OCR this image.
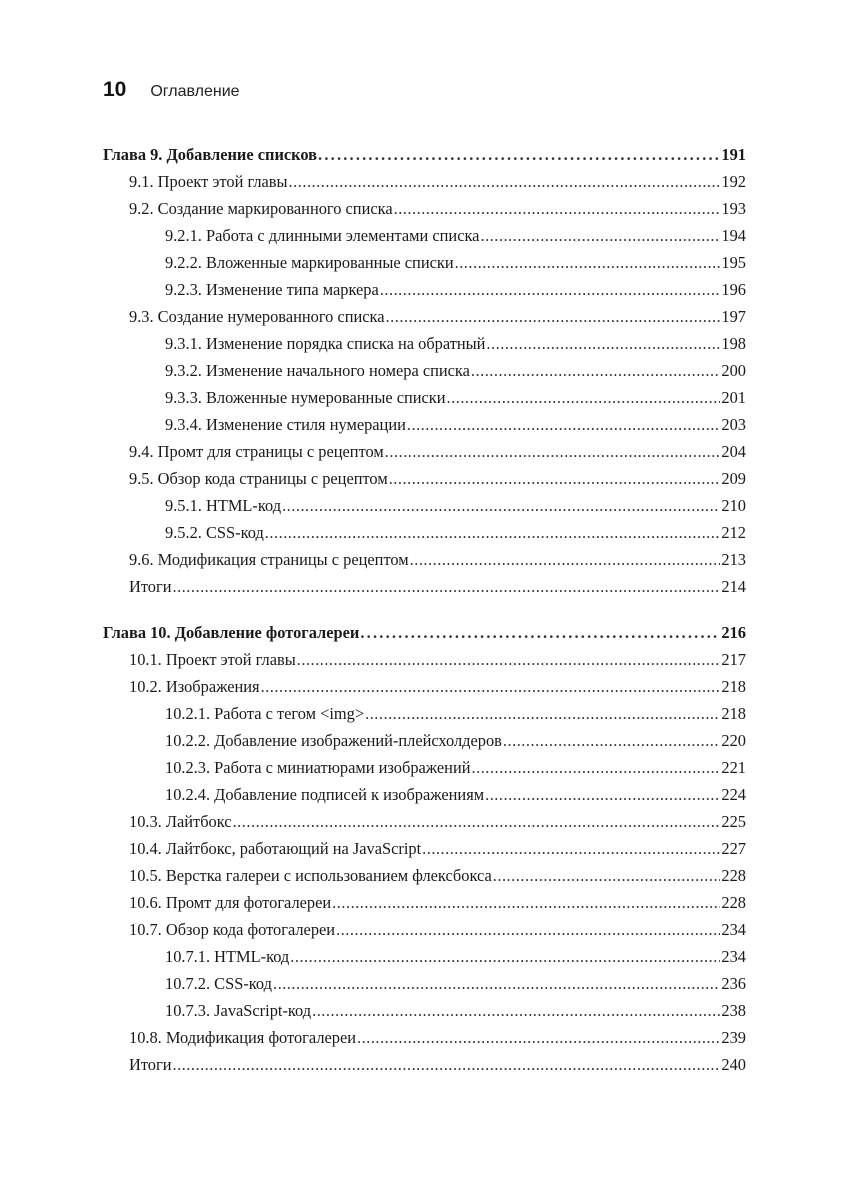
10 Оглавление
Глава 9. Добавление списков .....	191
9.1. Проект этой главы .....	192
9.2. Создание маркированного списка .....	193
9.2.1. Работа с длинными элементами списка .....	194
9.2.2. Вложенные маркированные списки .....	195
9.2.3. Изменение типа маркера .....	196
9.3. Создание нумерованного списка .....	197
9.3.1. Изменение порядка списка на обратный .....	198
9.3.2. Изменение начального номера списка .....	200
9.3.3. Вложенные нумерованные списки .....	201
9.3.4. Изменение стиля нумерации .....	203
9.4. Промт для страницы с рецептом .....	204
9.5. Обзор кода страницы с рецептом .....	209
9.5.1. HTML-код .....	210
9.5.2. CSS-код .....	212
9.6. Модификация страницы с рецептом .....	213
Итоги .....	214
Глава 10. Добавление фотогалереи .....	216
10.1. Проект этой главы .....	217
10.2. Изображения .....	218
10.2.1. Работа с тегом <img> .....	218
10.2.2. Добавление изображений-плейсхолдеров .....	220
10.2.3. Работа с миниатюрами изображений .....	221
10.2.4. Добавление подписей к изображениям .....	224
10.3. Лайтбокс .....	225
10.4. Лайтбокс, работающий на JavaScript .....	227
10.5. Верстка галереи с использованием флексбокса .....	228
10.6. Промт для фотогалереи .....	228
10.7. Обзор кода фотогалереи .....	234
10.7.1. HTML-код .....	234
10.7.2. CSS-код .....	236
10.7.3. JavaScript-код .....	238
10.8. Модификация фотогалереи .....	239
Итоги .....	240
